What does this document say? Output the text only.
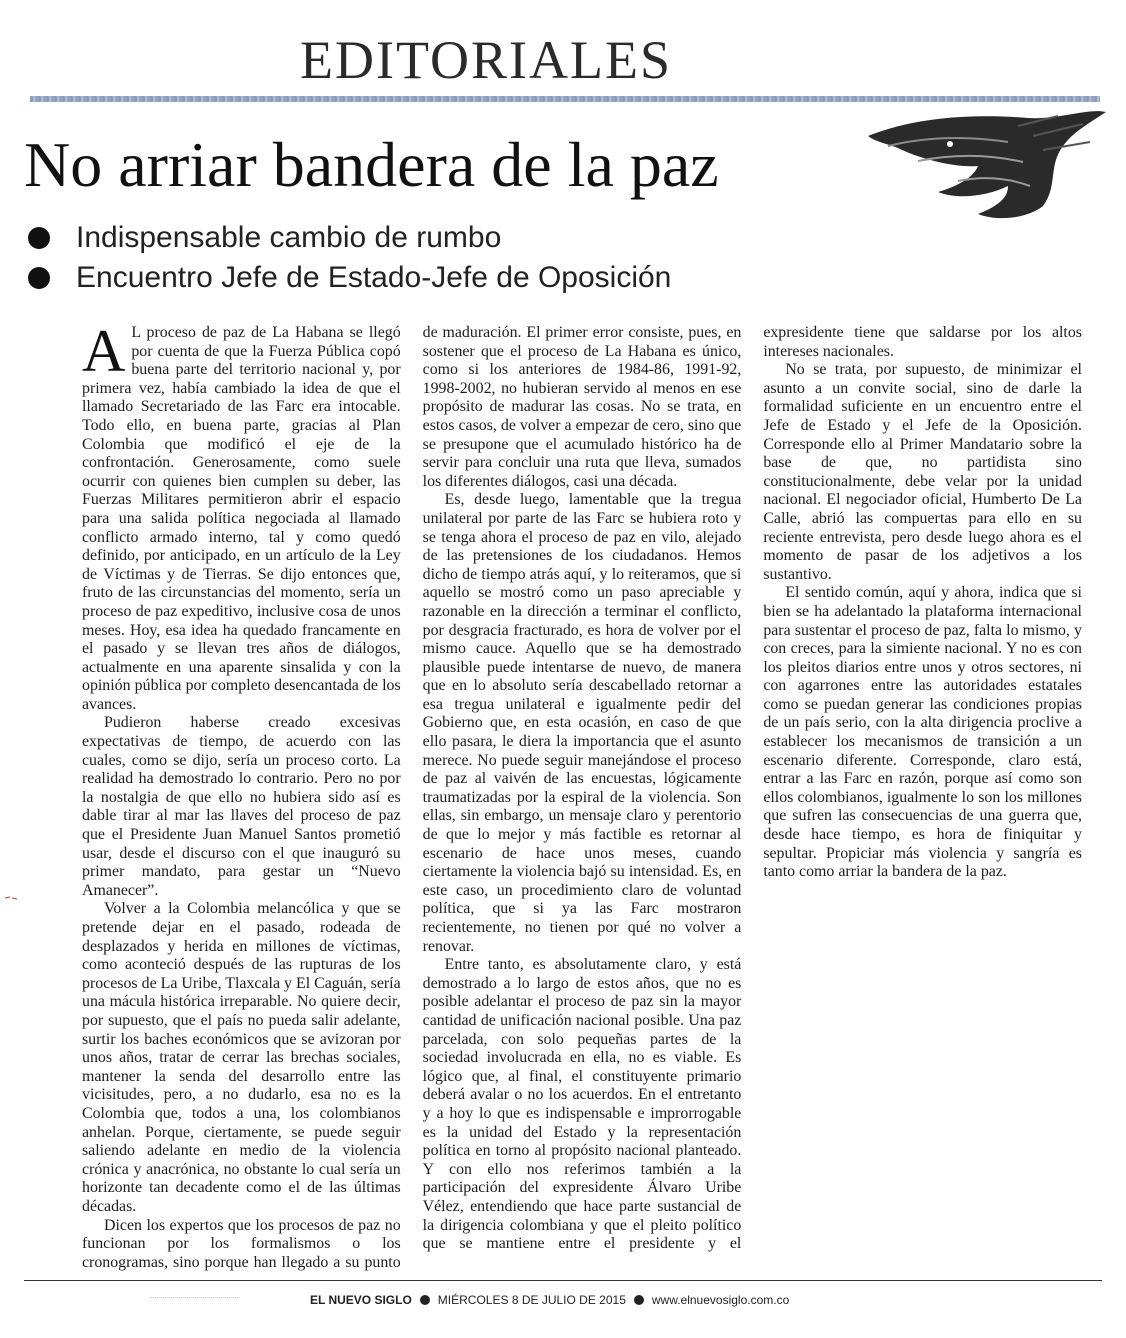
EDITORIALES
No arriar bandera de la paz
Indispensable cambio de rumbo
Encuentro Jefe de Estado-Jefe de Oposición

A L proceso de paz de La Habana se llegó por cuenta de que la Fuerza Pública copó buena parte del territorio nacional y, por primera vez, había cambiado la idea de que el llamado Secretariado de las Farc era intocable. Todo ello, en buena parte, gracias al Plan Colombia que modificó el eje de la confrontación. Generosamente, como suele ocurrir con quienes bien cumplen su deber, las Fuerzas Militares permitieron abrir el espacio para una salida política negociada al llamado conflicto armado interno, tal y como quedó definido, por anticipado, en un artículo de la Ley de Víctimas y de Tierras. Se dijo entonces que, fruto de las circunstancias del momento, sería un proceso de paz expeditivo, inclusive cosa de unos meses. Hoy, esa idea ha quedado francamente en el pasado y se llevan tres años de diálogos, actualmente en una aparente sinsalida y con la opinión pública por completo desencantada de los avances.

Pudieron haberse creado excesivas expectativas de tiempo, de acuerdo con las cuales, como se dijo, sería un proceso corto. La realidad ha demostrado lo contrario. Pero no por la nostalgia de que ello no hubiera sido así es dable tirar al mar las llaves del proceso de paz que el Presidente Juan Manuel Santos prometió usar, desde el discurso con el que inauguró su primer mandato, para gestar un “Nuevo Amanecer”.

Volver a la Colombia melancólica y que se pretende dejar en el pasado, rodeada de desplazados y herida en millones de víctimas, como aconteció después de las rupturas de los procesos de La Uribe, Tlaxcala y El Caguán, sería una mácula histórica irreparable. No quiere decir, por supuesto, que el país no pueda salir adelante, surtir los baches económicos que se avizoran por unos años, tratar de cerrar las brechas sociales, mantener la senda del desarrollo entre las vicisitudes, pero, a no dudarlo, esa no es la Colombia que, todos a una, los colombianos anhelan. Porque, ciertamente, se puede seguir saliendo adelante en medio de la violencia crónica y anacrónica, no obstante lo cual sería un horizonte tan decadente como el de las últimas décadas.

Dicen los expertos que los procesos de paz no funcionan por los formalismos o los cronogramas, sino porque han llegado a su punto de maduración. El primer error consiste, pues, en sostener que el proceso de La Habana es único, como si los anteriores de 1984-86, 1991-92, 1998-2002, no hubieran servido al menos en ese propósito de madurar las cosas. No se trata, en estos casos, de volver a empezar de cero, sino que se presupone que el acumulado histórico ha de servir para concluir una ruta que lleva, sumados los diferentes diálogos, casi una década.

Es, desde luego, lamentable que la tregua unilateral por parte de las Farc se hubiera roto y se tenga ahora el proceso de paz en vilo, alejado de las pretensiones de los ciudadanos. Hemos dicho de tiempo atrás aquí, y lo reiteramos, que si aquello se mostró como un paso apreciable y razonable en la dirección a terminar el conflicto, por desgracia fracturado, es hora de volver por el mismo cauce. Aquello que se ha demostrado plausible puede intentarse de nuevo, de manera que en lo absoluto sería descabellado retornar a esa tregua unilateral e igualmente pedir del Gobierno que, en esta ocasión, en caso de que ello pasara, le diera la importancia que el asunto merece. No puede seguir manejándose el proceso de paz al vaivén de las encuestas, lógicamente traumatizadas por la espiral de la violencia. Son ellas, sin embargo, un mensaje claro y perentorio de que lo mejor y más factible es retornar al escenario de hace unos meses, cuando ciertamente la violencia bajó su intensidad. Es, en este caso, un procedimiento claro de voluntad política, que si ya las Farc mostraron recientemente, no tienen por qué no volver a renovar.

Entre tanto, es absolutamente claro, y está demostrado a lo largo de estos años, que no es posible adelantar el proceso de paz sin la mayor cantidad de unificación nacional posible. Una paz parcelada, con solo pequeñas partes de la sociedad involucrada en ella, no es viable. Es lógico que, al final, el constituyente primario deberá avalar o no los acuerdos. En el entretanto y a hoy lo que es indispensable e improrrogable es la unidad del Estado y la representación política en torno al propósito nacional planteado. Y con ello nos referimos también a la participación del expresidente Álvaro Uribe Vélez, entendiendo que hace parte sustancial de la dirigencia colombiana y que el pleito político que se mantiene entre el presidente y el expresidente tiene que saldarse por los altos intereses nacionales.

No se trata, por supuesto, de minimizar el asunto a un convite social, sino de darle la formalidad suficiente en un encuentro entre el Jefe de Estado y el Jefe de la Oposición. Corresponde ello al Primer Mandatario sobre la base de que, no partidista sino constitucionalmente, debe velar por la unidad nacional. El negociador oficial, Humberto De La Calle, abrió las compuertas para ello en su reciente entrevista, pero desde luego ahora es el momento de pasar de los adjetivos a los sustantivo.

El sentido común, aquí y ahora, indica que si bien se ha adelantado la plataforma internacional para sustentar el proceso de paz, falta lo mismo, y con creces, para la simiente nacional. Y no es con los pleitos diarios entre unos y otros sectores, ni con agarrones entre las autoridades estatales como se puedan generar las condiciones propias de un país serio, con la alta dirigencia proclive a establecer los mecanismos de transición a un escenario diferente. Corresponde, claro está, entrar a las Farc en razón, porque así como son ellos colombianos, igualmente lo son los millones que sufren las consecuencias de una guerra que, desde hace tiempo, es hora de finiquitar y sepultar. Propiciar más violencia y sangría es tanto como arriar la bandera de la paz.

EL NUEVO SIGLO MIÉRCOLES 8 DE JULIO DE 2015 www.elnuevosiglo.com.co
